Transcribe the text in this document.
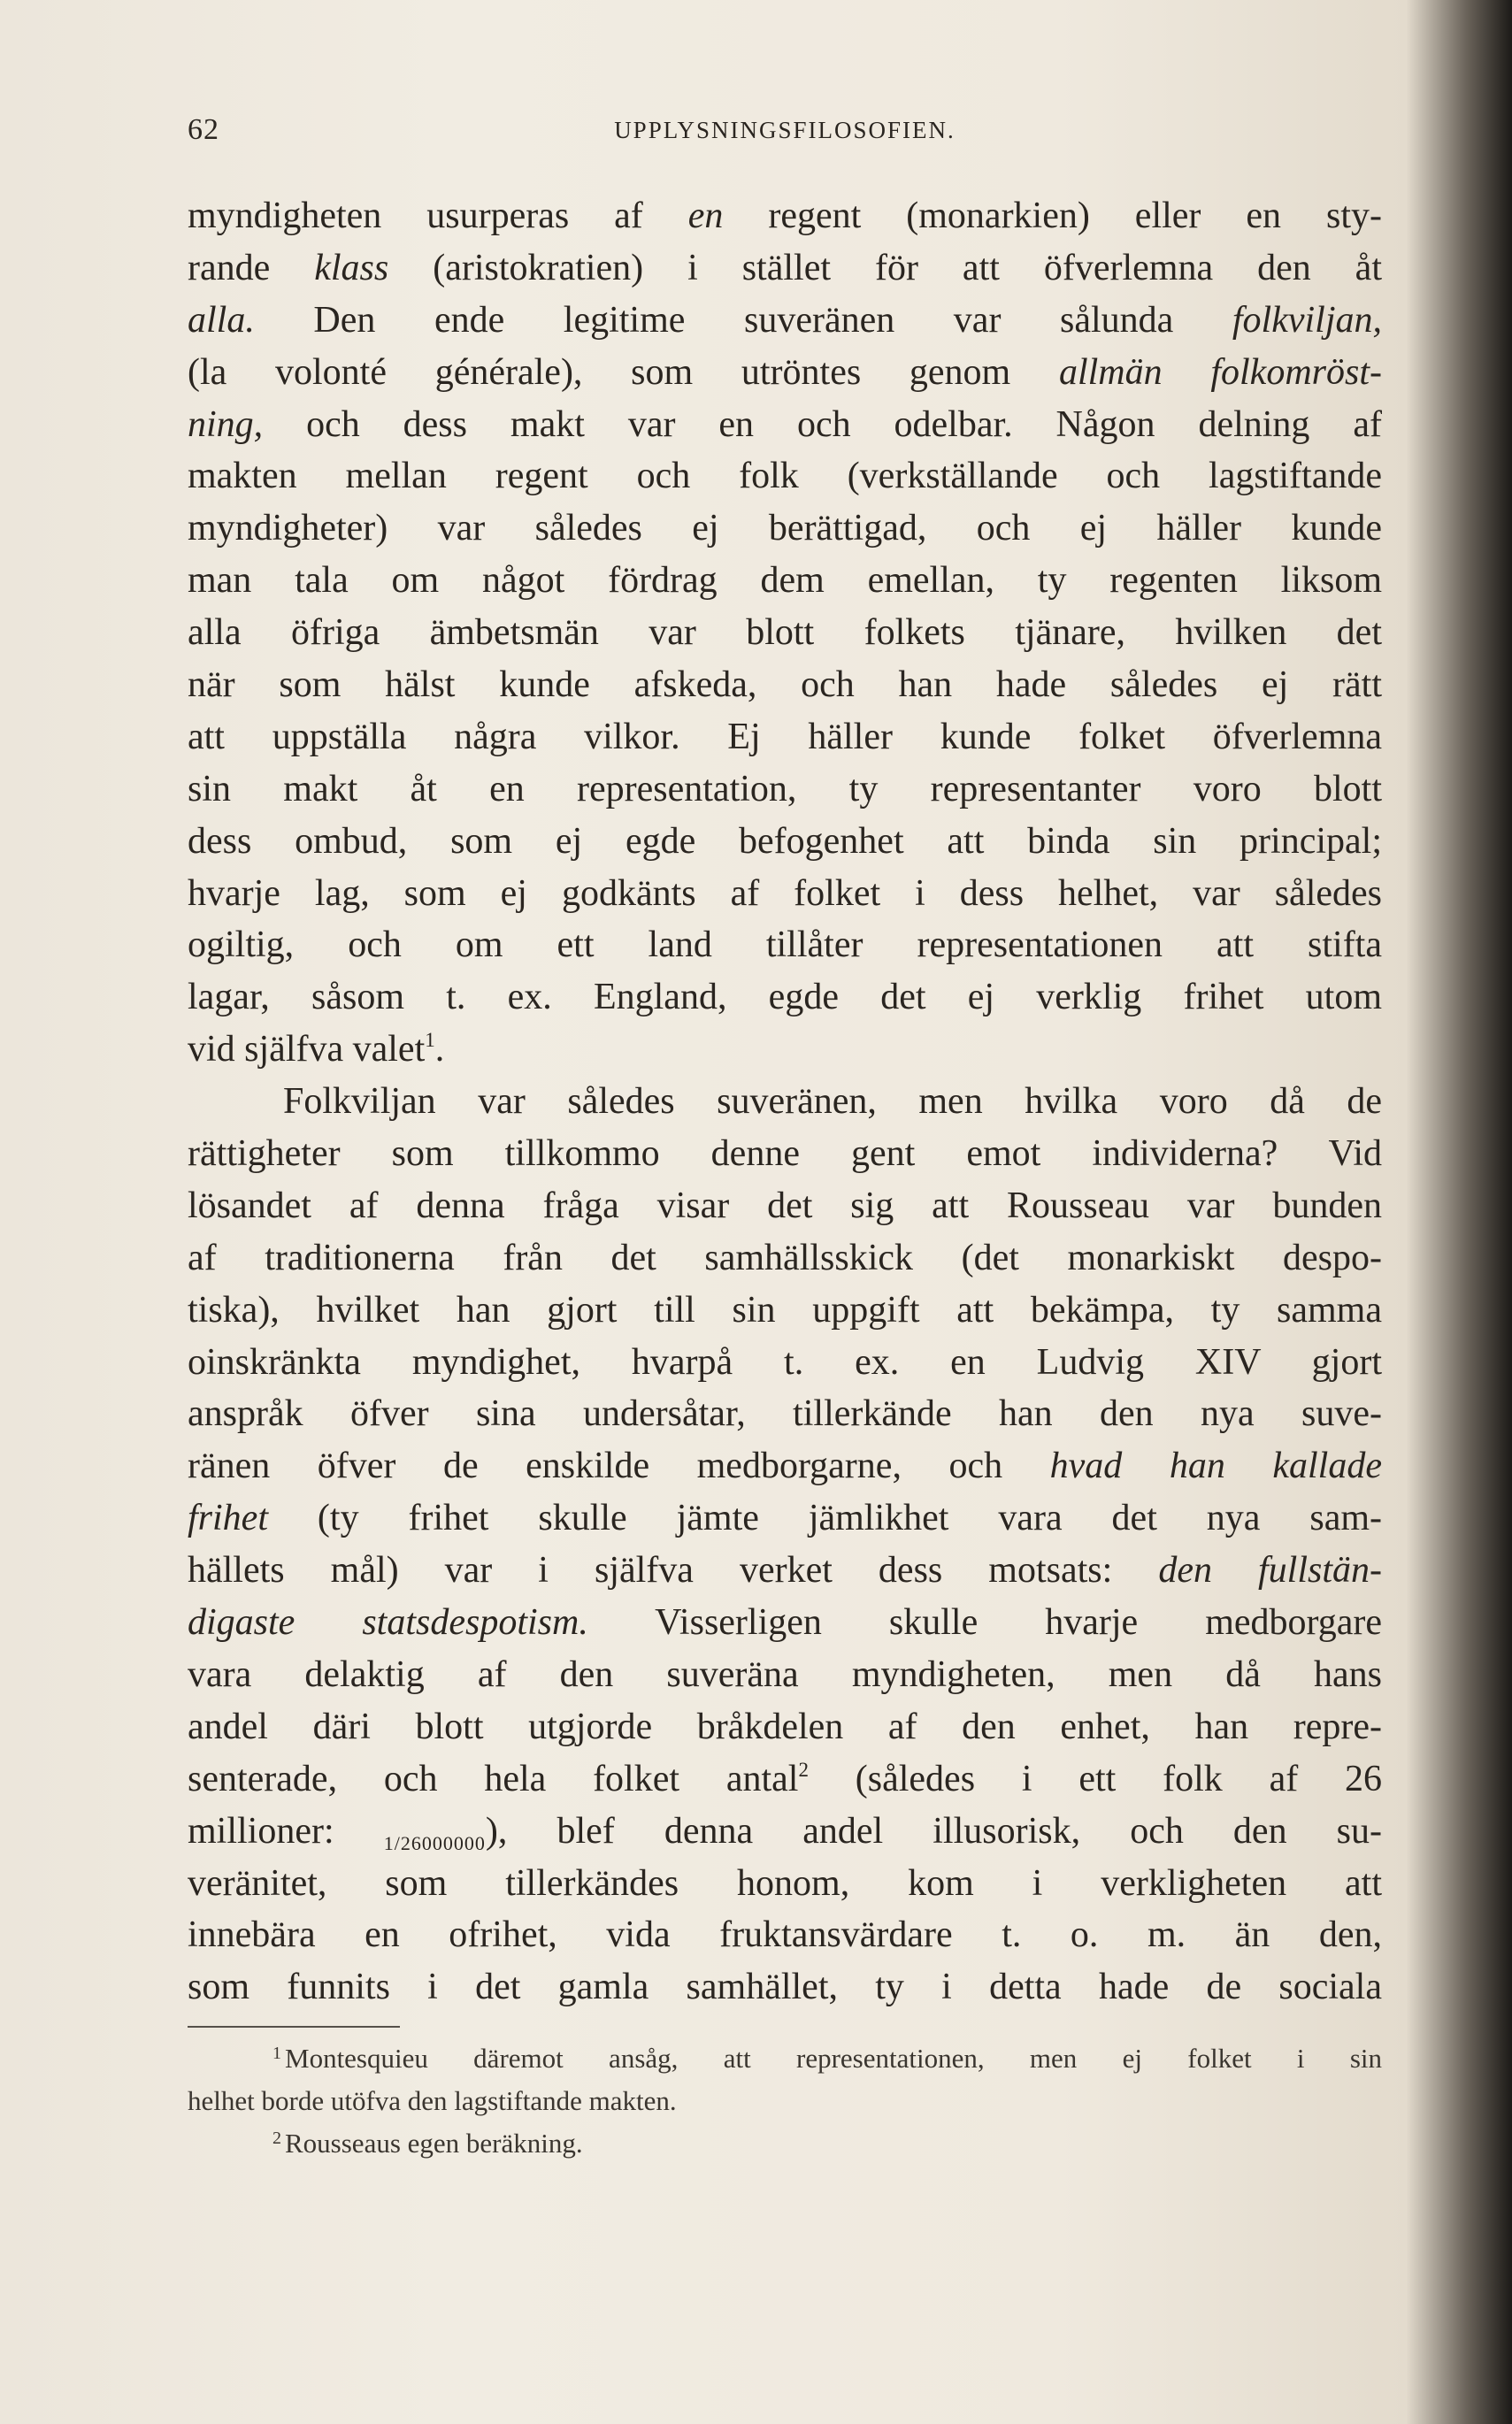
62	UPPLYSNINGSFILOSOFIEN.
myndigheten usurperas af en regent (monarkien) eller en sty-
rande klass (aristokratien) i stället för att öfverlemna den åt
alla. Den ende legitime suveränen var sålunda folkviljan,
(la volonté générale), som utröntes genom allmän folkomröst-
ning, och dess makt var en och odelbar. Någon delning af
makten mellan regent och folk (verkställande och lagstiftande
myndigheter) var således ej berättigad, och ej häller kunde
man tala om något fördrag dem emellan, ty regenten liksom
alla öfriga ämbetsmän var blott folkets tjänare, hvilken det
när som hälst kunde afskeda, och han hade således ej rätt
att uppställa några vilkor. Ej häller kunde folket öfverlemna
sin makt åt en representation, ty representanter voro blott
dess ombud, som ej egde befogenhet att binda sin principal;
hvarje lag, som ej godkänts af folket i dess helhet, var således
ogiltig, och om ett land tillåter representationen att stifta
lagar, såsom t. ex. England, egde det ej verklig frihet utom
vid själfva valet$^1$.
Folkviljan var således suveränen, men hvilka voro då de
rättigheter som tillkommo denne gent emot individerna? Vid
lösandet af denna fråga visar det sig att Rousseau var bunden
af traditionerna från det samhällsskick (det monarkiskt despo-
tiska), hvilket han gjort till sin uppgift att bekämpa, ty samma
oinskränkta myndighet, hvarpå t. ex. en Ludvig XIV gjort
anspråk öfver sina undersåtar, tillerkände han den nya suve-
ränen öfver de enskilde medborgarne, och hvad han kallade
frihet (ty frihet skulle jämte jämlikhet vara det nya sam-
hällets mål) var i själfva verket dess motsats: den fullstän-
digaste statsdespotism. Visserligen skulle hvarje medborgare
vara delaktig af den suveräna myndigheten, men då hans
andel däri blott utgjorde bråkdelen af den enhet, han repre-
senterade, och hela folket antal$^2$ (således i ett folk af 26
millioner: 1/26000000), blef denna andel illusorisk, och den su-
veränitet, som tillerkändes honom, kom i verkligheten att
innebära en ofrihet, vida fruktansvärdare t. o. m. än den,
som funnits i det gamla samhället, ty i detta hade de sociala
$^1$ Montesquieu däremot ansåg, att representationen, men ej folket i sin
helhet borde utöfva den lagstiftande makten.
$^2$ Rousseaus egen beräkning.
